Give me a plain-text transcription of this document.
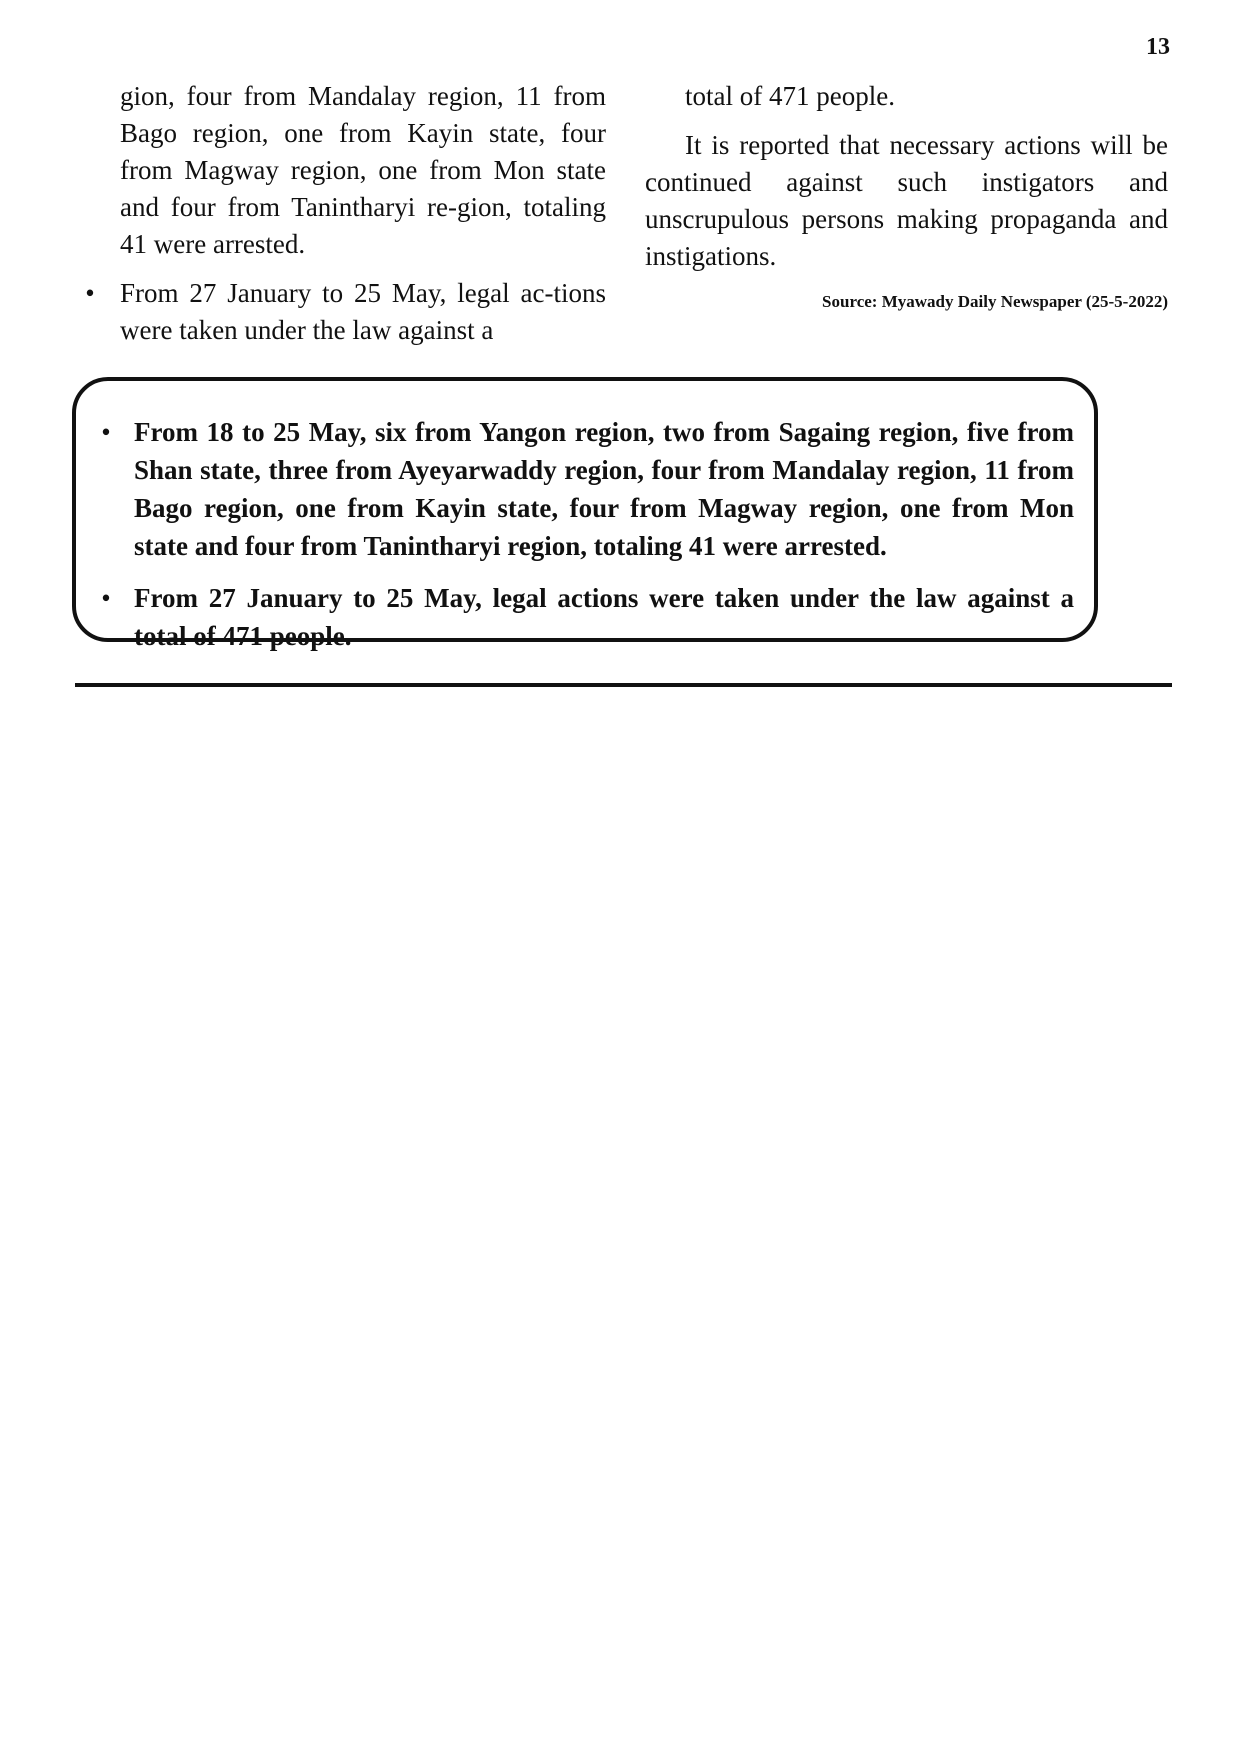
13

gion, four from Mandalay region, 11 from Bago region, one from Kayin state, four from Magway region, one from Mon state and four from Tanintharyi re-gion, totaling 41 were arrested.

• From 27 January to 25 May, legal ac-tions were taken under the law against a

total of 471 people.

It is reported that necessary actions will be continued against such instigators and unscrupulous persons making propaganda and instigations.

Source: Myawady Daily Newspaper (25-5-2022)
• From 18 to 25 May, six from Yangon region, two from Sagaing region, five from Shan state, three from Ayeyarwaddy region, four from Mandalay region, 11 from Bago region, one from Kayin state, four from Magway region, one from Mon state and four from Tanintharyi region, totaling 41 were arrested.
• From 27 January to 25 May, legal actions were taken under the law against a total of 471 people.
